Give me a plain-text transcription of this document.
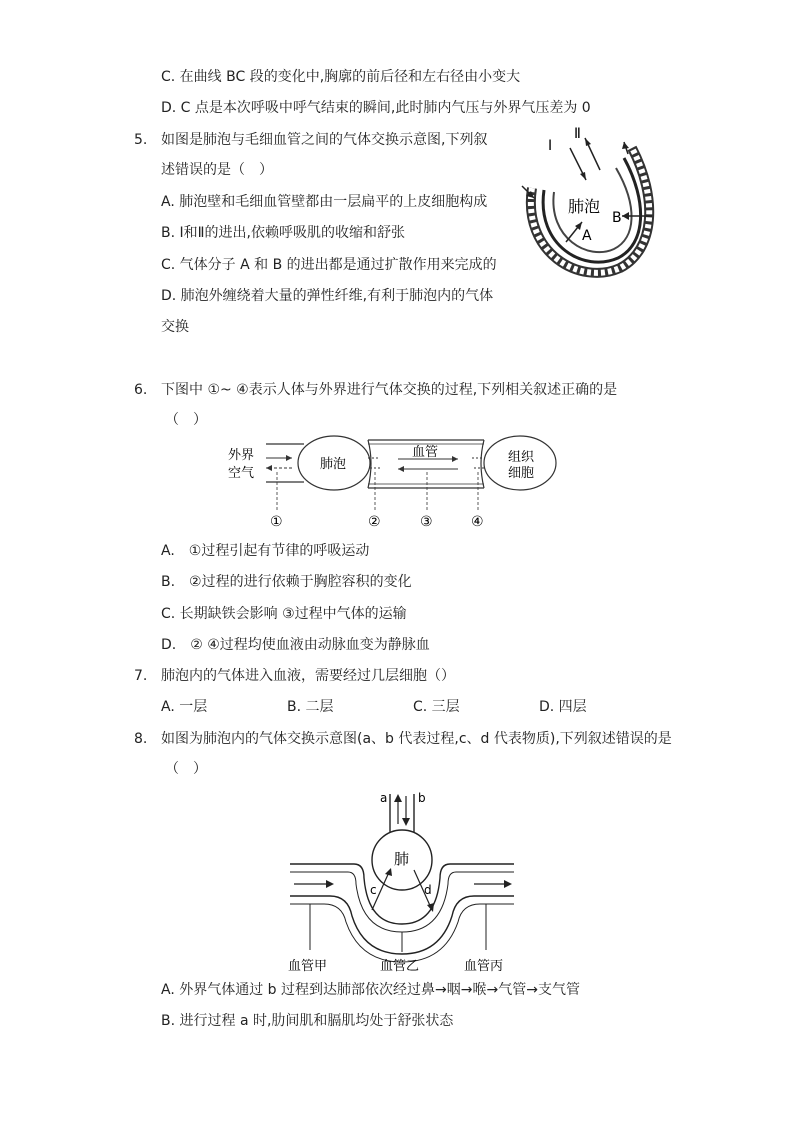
C. 在曲线 BC 段的变化中,胸廓的前后径和左右径由小变大
D. C 点是本次呼吸中呼气结束的瞬间,此时肺内气压与外界气压差为 0
5. 如图是肺泡与毛细血管之间的气体交换示意图,下列叙
述错误的是（　）
A. 肺泡壁和毛细血管壁都由一层扁平的上皮细胞构成
B. Ⅰ和Ⅱ的进出,依赖呼吸肌的收缩和舒张
C. 气体分子 A 和 B 的进出都是通过扩散作用来完成的
D. 肺泡外缠绕着大量的弹性纤维,有利于肺泡内的气体
交换
Ⅰ
Ⅱ
肺泡
B
A
6. 下图中 ①~ ④表示人体与外界进行气体交换的过程,下列相关叙述正确的是
（　）
外界
空气
肺泡
血管	组织
细胞
①	②	③	④
A.　①过程引起有节律的呼吸运动
B.　②过程的进行依赖于胸腔容积的变化
C. 长期缺铁会影响 ③过程中气体的运输
D.　② ④过程均使血液由动脉血变为静脉血
7. 肺泡内的气体进入血液，需要经过几层细胞（）
A. 一层	B. 二层	C. 三层	D. 四层
8. 如图为肺泡内的气体交换示意图(a、b 代表过程,c、d 代表物质),下列叙述错误的是
（　）
a	b
肺
c	d
血管甲	血管乙	血管丙
A. 外界气体通过 b 过程到达肺部依次经过鼻→咽→喉→气管→支气管
B. 进行过程 a 时,肋间肌和膈肌均处于舒张状态
